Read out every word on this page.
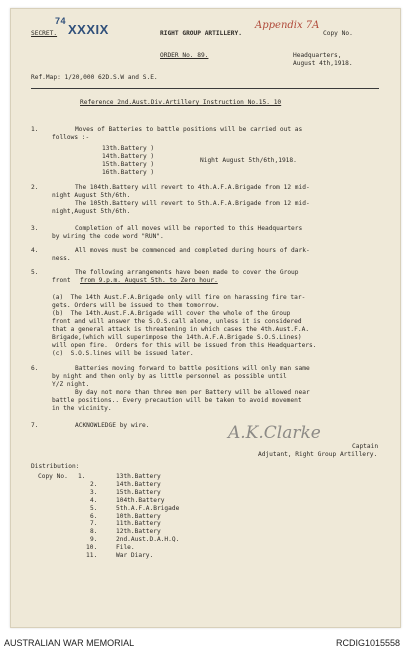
74
XXXIX
SECRET.	RIGHT GROUP ARTILLERY.
Appendix 7A
Copy No.
ORDER No. 89.	Headquarters,
August 4th,1918.
Ref.Map: 1/20,000 62D.S.W and S.E.
Reference 2nd.Aust.Div.Artillery Instruction No.15. 10
1.	Moves of Batteries to battle positions will be carried out as
follows :-
13th.Battery )
14th.Battery )
15th.Battery )
16th.Battery )
Night August 5th/6th,1918.
2.	The 104th.Battery will revert to 4th.A.F.A.Brigade from 12 mid-
night August 5th/6th.
The 105th.Battery will revert to 5th.A.F.A.Brigade from 12 mid-
night,August 5th/6th.
3.	Completion of all moves will be reported to this Headquarters
by wiring the code word "RUN".
4.	All moves must be commenced and completed during hours of dark-
ness.
5.	The following arrangements have been made to cover the Group
front from 9.p.m. August 5th. to Zero hour.
(a)  The 14th Aust.F.A.Brigade only will fire on harassing fire tar-
gets. Orders will be issued to them tomorrow.
(b)  The 14th.Aust.F.A.Brigade will cover the whole of the Group
front and will answer the S.O.S.call alone, unless it is considered
that a general attack is threatening in which cases the 4th.Aust.F.A.
Brigade,(which will superimpose the 14th.A.F.A.Brigade S.O.S.Lines)
will open fire.  Orders for this will be issued from this Headquarters.
(c)  S.O.S.lines will be issued later.
6.	Batteries moving forward to battle positions will only man same
by night and then only by as little personnel as possible until
Y/Z night.
By day not more than three men per Battery will be allowed near
battle positions.. Every precaution will be taken to avoid movement
in the vicinity.
7.	ACKNOWLEDGE by wire.	A.K.Clarke
Captain
Adjutant, Right Group Artillery.
Distribution:
Copy No. 1.	13th.Battery
2.	14th.Battery
3.	15th.Battery
4.	104th.Battery
5.	5th.A.F.A.Brigade
6.	10th.Battery
7.	11th.Battery
8.	12th.Battery
9.	2nd.Aust.D.A.H.Q.
10.	File.
11.	War Diary.
AUSTRALIAN WAR MEMORIAL	RCDIG1015558
